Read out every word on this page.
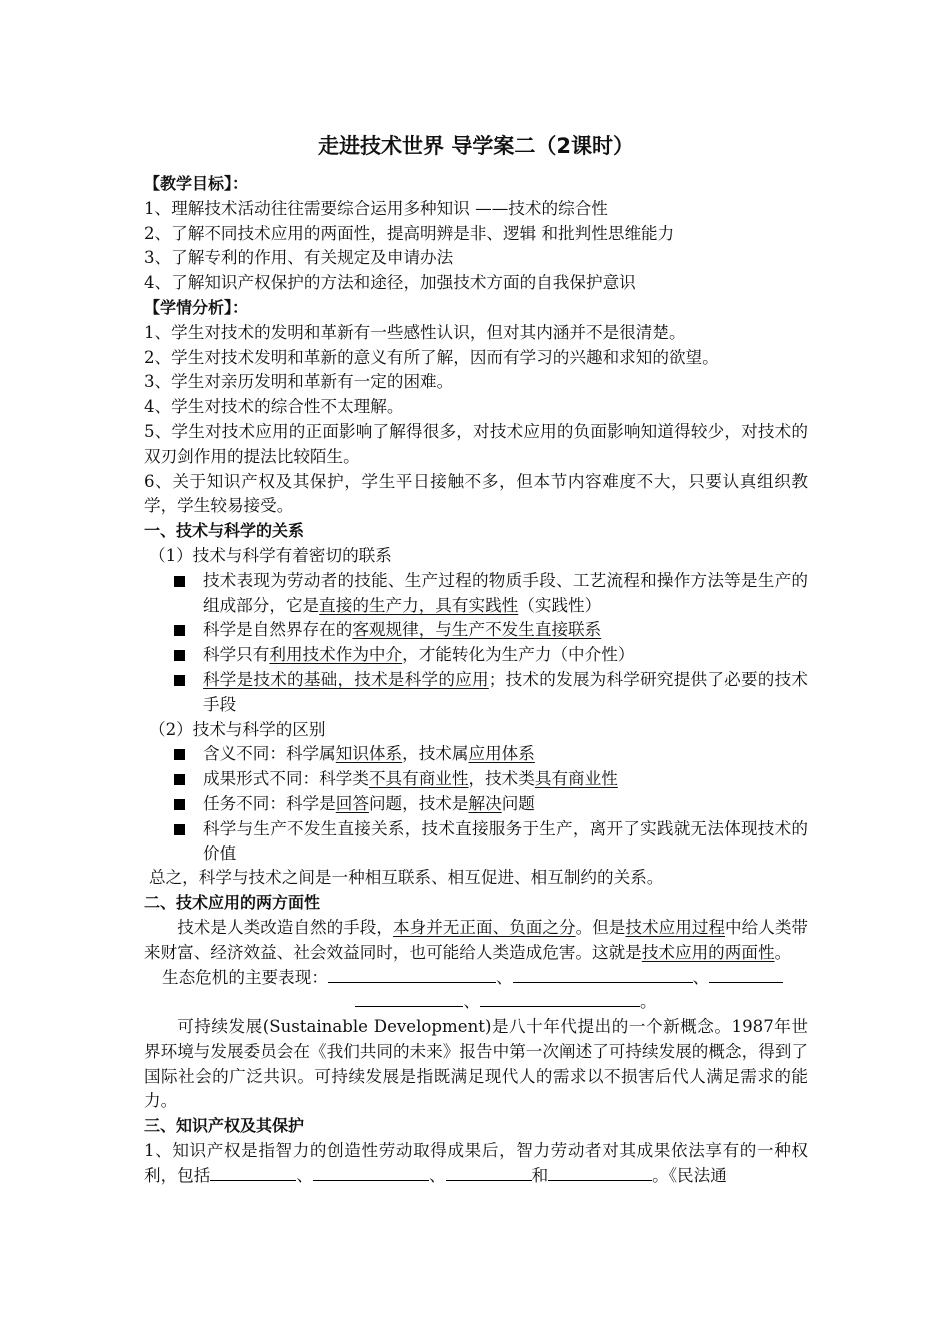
走进技术世界 导学案二（2课时）
【教学目标】：

1、理解技术活动往往需要综合运用多种知识 ——技术的综合性

2、了解不同技术应用的两面性，提高明辨是非、逻辑 和批判性思维能力

3、了解专利的作用、有关规定及申请办法

4、了解知识产权保护的方法和途径，加强技术方面的自我保护意识

【学情分析】：

1、学生对技术的发明和革新有一些感性认识，但对其内涵并不是很清楚。

2、学生对技术发明和革新的意义有所了解，因而有学习的兴趣和求知的欲望。

3、学生对亲历发明和革新有一定的困难。

4、学生对技术的综合性不太理解。

5、学生对技术应用的正面影响了解得很多，对技术应用的负面影响知道得较少，对技术的双刃剑作用的提法比较陌生。

6、关于知识产权及其保护，学生平日接触不多，但本节内容难度不大，只要认真组织教学，学生较易接受。

一、技术与科学的关系

（1）技术与科学有着密切的联系

技术表现为劳动者的技能、生产过程的物质手段、工艺流程和操作方法等是生产的组成部分，它是直接的生产力，具有实践性（实践性）
科学是自然界存在的客观规律，与生产不发生直接联系
科学只有利用技术作为中介，才能转化为生产力（中介性）
科学是技术的基础，技术是科学的应用；技术的发展为科学研究提供了必要的技术手段

（2）技术与科学的区别

含义不同：科学属知识体系，技术属应用体系
成果形式不同：科学类不具有商业性，技术类具有商业性
任务不同：科学是回答问题，技术是解决问题
科学与生产不发生直接关系，技术直接服务于生产，离开了实践就无法体现技术的价值

总之，科学与技术之间是一种相互联系、相互促进、相互制约的关系。

二、技术应用的两方面性

技术是人类改造自然的手段，本身并无正面、负面之分。但是技术应用过程中给人类带来财富、经济效益、社会效益同时，也可能给人类造成危害。这就是技术应用的两面性。

生态危机的主要表现：	、	、

、	。

可持续发展(Sustainable Development)是八十年代提出的一个新概念。1987年世界环境与发展委员会在《我们共同的未来》报告中第一次阐述了可持续发展的概念，得到了国际社会的广泛共识。可持续发展是指既满足现代人的需求以不损害后代人满足需求的能力。

三、知识产权及其保护

1、知识产权是指智力的创造性劳动取得成果后，智力劳动者对其成果依法享有的一种权利，包括	、	、	和	。《民法通
